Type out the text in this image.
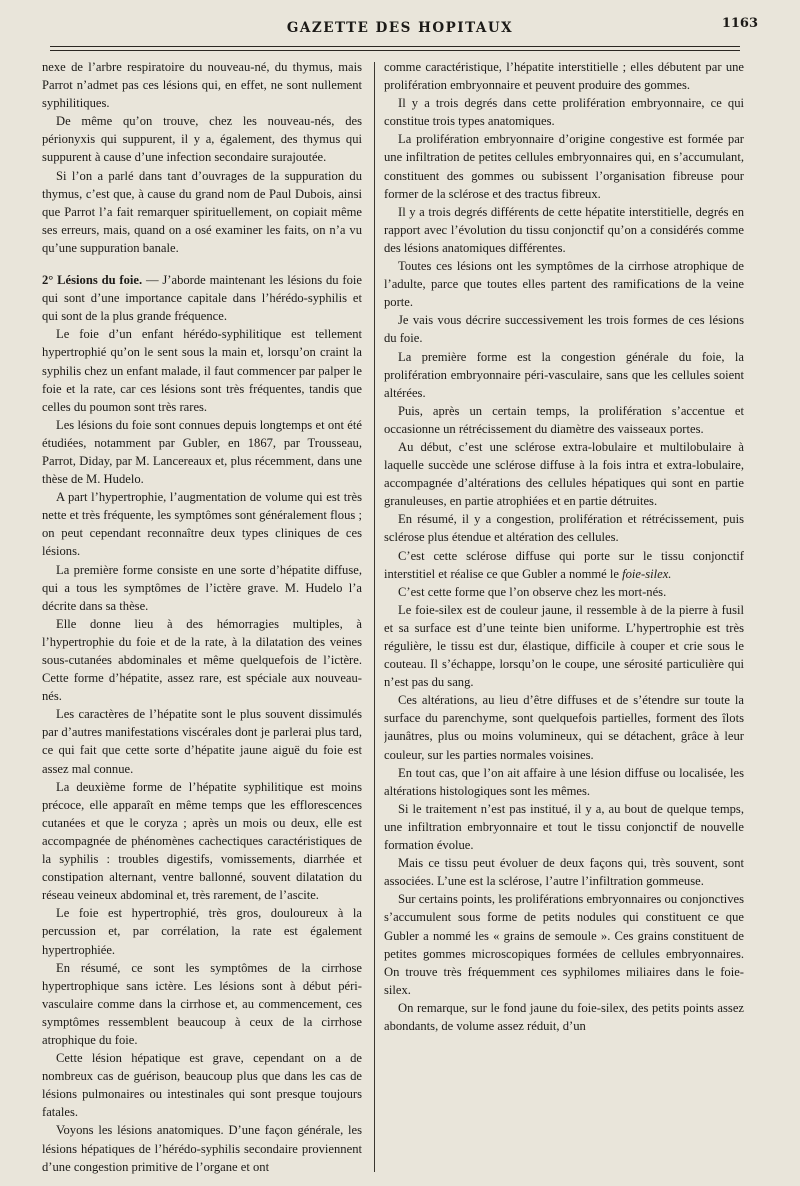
GAZETTE DES HOPITAUX	1163

nexe de l’arbre respiratoire du nouveau-né, du thymus, mais Parrot n’admet pas ces lésions qui, en effet, ne sont nullement syphilitiques.

De même qu’on trouve, chez les nouveau-nés, des périonyxis qui suppurent, il y a, également, des thymus qui suppurent à cause d’une infection secondaire surajoutée.

Si l’on a parlé dans tant d’ouvrages de la suppuration du thymus, c’est que, à cause du grand nom de Paul Dubois, ainsi que Parrot l’a fait remarquer spirituellement, on copiait même ses erreurs, mais, quand on a osé examiner les faits, on n’a vu qu’une suppuration banale.

2° Lésions du foie. — J’aborde maintenant les lésions du foie qui sont d’une importance capitale dans l’hérédo-syphilis et qui sont de la plus grande fréquence.

Le foie d’un enfant hérédo-syphilitique est tellement hypertrophié qu’on le sent sous la main et, lorsqu’on craint la syphilis chez un enfant malade, il faut commencer par palper le foie et la rate, car ces lésions sont très fréquentes, tandis que celles du poumon sont très rares.

Les lésions du foie sont connues depuis longtemps et ont été étudiées, notamment par Gubler, en 1867, par Trousseau, Parrot, Diday, par M. Lancereaux et, plus récemment, dans une thèse de M. Hudelo.

A part l’hypertrophie, l’augmentation de volume qui est très nette et très fréquente, les symptômes sont généralement flous ; on peut cependant reconnaître deux types cliniques de ces lésions.

La première forme consiste en une sorte d’hépatite diffuse, qui a tous les symptômes de l’ictère grave. M. Hudelo l’a décrite dans sa thèse.

Elle donne lieu à des hémorragies multiples, à l’hypertrophie du foie et de la rate, à la dilatation des veines sous-cutanées abdominales et même quelquefois de l’ictère. Cette forme d’hépatite, assez rare, est spéciale aux nouveau-nés.

Les caractères de l’hépatite sont le plus souvent dissimulés par d’autres manifestations viscérales dont je parlerai plus tard, ce qui fait que cette sorte d’hépatite jaune aiguë du foie est assez mal connue.

La deuxième forme de l’hépatite syphilitique est moins précoce, elle apparaît en même temps que les efflorescences cutanées et que le coryza ; après un mois ou deux, elle est accompagnée de phénomènes cachectiques caractéristiques de la syphilis : troubles digestifs, vomissements, diarrhée et constipation alternant, ventre ballonné, souvent dilatation du réseau veineux abdominal et, très rarement, de l’ascite.

Le foie est hypertrophié, très gros, douloureux à la percussion et, par corrélation, la rate est également hypertrophiée.

En résumé, ce sont les symptômes de la cirrhose hypertrophique sans ictère. Les lésions sont à début péri-vasculaire comme dans la cirrhose et, au commencement, ces symptômes ressemblent beaucoup à ceux de la cirrhose atrophique du foie.

Cette lésion hépatique est grave, cependant on a de nombreux cas de guérison, beaucoup plus que dans les cas de lésions pulmonaires ou intestinales qui sont presque toujours fatales.

Voyons les lésions anatomiques. D’une façon générale, les lésions hépatiques de l’hérédo-syphilis secondaire proviennent d’une congestion primitive de l’organe et ont

comme caractéristique, l’hépatite interstitielle ; elles débutent par une prolifération embryonnaire et peuvent produire des gommes.

Il y a trois degrés dans cette prolifération embryonnaire, ce qui constitue trois types anatomiques.

La prolifération embryonnaire d’origine congestive est formée par une infiltration de petites cellules embryonnaires qui, en s’accumulant, constituent des gommes ou subissent l’organisation fibreuse pour former de la sclérose et des tractus fibreux.

Il y a trois degrés différents de cette hépatite interstitielle, degrés en rapport avec l’évolution du tissu conjonctif qu’on a considérés comme des lésions anatomiques différentes.

Toutes ces lésions ont les symptômes de la cirrhose atrophique de l’adulte, parce que toutes elles partent des ramifications de la veine porte.

Je vais vous décrire successivement les trois formes de ces lésions du foie.

La première forme est la congestion générale du foie, la prolifération embryonnaire péri-vasculaire, sans que les cellules soient altérées.

Puis, après un certain temps, la prolifération s’accentue et occasionne un rétrécissement du diamètre des vaisseaux portes.

Au début, c’est une sclérose extra-lobulaire et multilobulaire à laquelle succède une sclérose diffuse à la fois intra et extra-lobulaire, accompagnée d’altérations des cellules hépatiques qui sont en partie granuleuses, en partie atrophiées et en partie détruites.

En résumé, il y a congestion, prolifération et rétrécissement, puis sclérose plus étendue et altération des cellules.

C’est cette sclérose diffuse qui porte sur le tissu conjonctif interstitiel et réalise ce que Gubler a nommé le foie-silex.

C’est cette forme que l’on observe chez les mort-nés.

Le foie-silex est de couleur jaune, il ressemble à de la pierre à fusil et sa surface est d’une teinte bien uniforme. L’hypertrophie est très régulière, le tissu est dur, élastique, difficile à couper et crie sous le couteau. Il s’échappe, lorsqu’on le coupe, une sérosité particulière qui n’est pas du sang.

Ces altérations, au lieu d’être diffuses et de s’étendre sur toute la surface du parenchyme, sont quelquefois partielles, forment des îlots jaunâtres, plus ou moins volumineux, qui se détachent, grâce à leur couleur, sur les parties normales voisines.

En tout cas, que l’on ait affaire à une lésion diffuse ou localisée, les altérations histologiques sont les mêmes.

Si le traitement n’est pas institué, il y a, au bout de quelque temps, une infiltration embryonnaire et tout le tissu conjonctif de nouvelle formation évolue.

Mais ce tissu peut évoluer de deux façons qui, très souvent, sont associées. L’une est la sclérose, l’autre l’infiltration gommeuse.

Sur certains points, les proliférations embryonnaires ou conjonctives s’accumulent sous forme de petits nodules qui constituent ce que Gubler a nommé les « grains de semoule ». Ces grains constituent de petites gommes microscopiques formées de cellules embryonnaires. On trouve très fréquemment ces syphilomes miliaires dans le foie-silex.

On remarque, sur le fond jaune du foie-silex, des petits points assez abondants, de volume assez réduit, d’un
